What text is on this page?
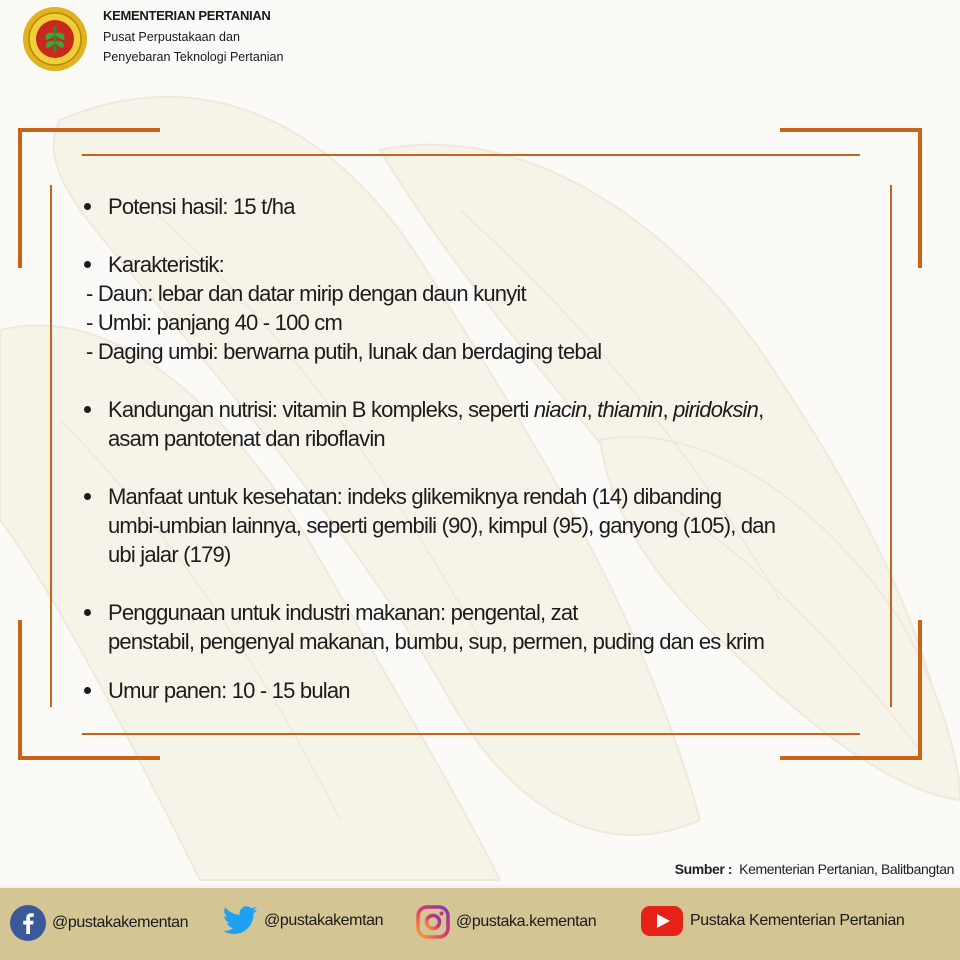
KEMENTERIAN PERTANIAN
Pusat Perpustakaan dan
Penyebaran Teknologi Pertanian
Potensi hasil: 15 t/ha
Karakteristik:
- Daun: lebar dan datar mirip dengan daun kunyit
- Umbi: panjang 40 - 100 cm
- Daging umbi: berwarna putih, lunak dan berdaging tebal
Kandungan nutrisi: vitamin B kompleks, seperti niacin, thiamin, piridoksin,
asam pantotenat dan riboflavin
Manfaat untuk kesehatan: indeks glikemiknya rendah (14) dibanding
umbi-umbian lainnya, seperti gembili (90), kimpul (95), ganyong (105), dan
ubi jalar (179)
Penggunaan untuk industri makanan: pengental, zat
penstabil, pengenyal makanan, bumbu, sup, permen, puding dan es krim
Umur panen: 10 - 15 bulan
Sumber : Kementerian Pertanian, Balitbangtan
@pustakakementan	@pustakakemtan	@pustaka.kementan	Pustaka Kementerian Pertanian
